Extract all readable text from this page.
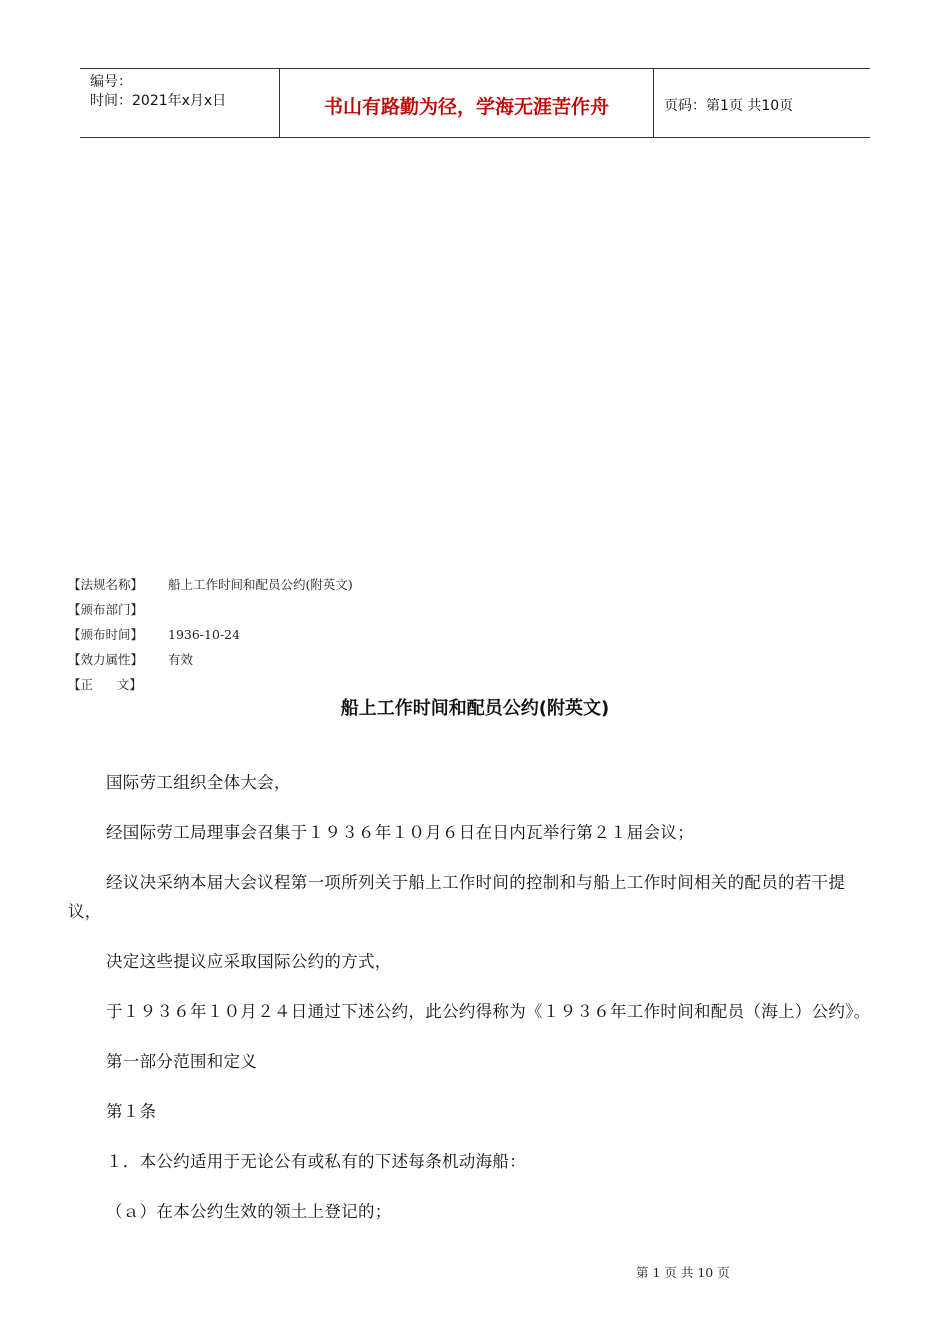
编号：
时间：2021年x月x日	书山有路勤为径，学海无涯苦作舟	页码：第1页 共10页
【法规名称】	船上工作时间和配员公约(附英文)
【颁布部门】
【颁布时间】	1936-10-24
【效力属性】	有效
【正      文】
船上工作时间和配员公约(附英文)

国际劳工组织全体大会，

经国际劳工局理事会召集于１９３６年１０月６日在日内瓦举行第２１届会议；

经议决采纳本届大会议程第一项所列关于船上工作时间的控制和与船上工作时间相关的配员的若干提议，

决定这些提议应采取国际公约的方式，

于１９３６年１０月２４日通过下述公约，此公约得称为《１９３６年工作时间和配员（海上）公约》。

第一部分范围和定义

第１条

１．本公约适用于无论公有或私有的下述每条机动海船：

（ａ）在本公约生效的领土上登记的；

第 1 页 共 10 页
